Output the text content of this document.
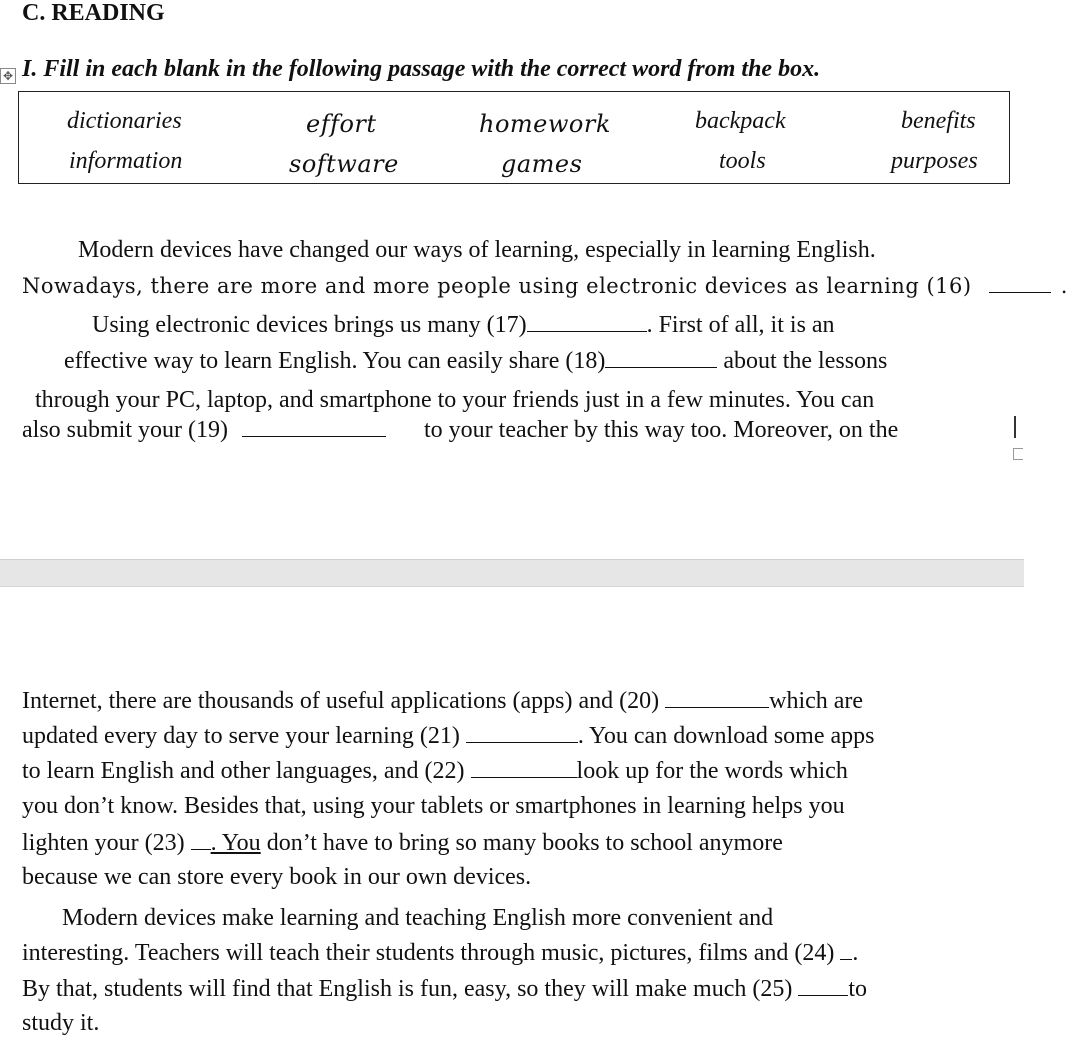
C. READING
✥ I. Fill in each blank in the following passage with the correct word from the box.
dictionaries	effort	homework	backpack	benefits
information	software	games	tools	purposes
Modern devices have changed our ways of learning, especially in learning English.
Nowadays, there are more and more people using electronic devices as learning (16)	.
Using electronic devices brings us many (17)	. First of all, it is an
effective way to learn English. You can easily share (18)	about the lessons
through your PC, laptop, and smartphone to your friends just in a few minutes. You can
also submit your (19)	to your teacher by this way too. Moreover, on the
Internet, there are thousands of useful applications (apps) and (20)	which are
updated every day to serve your learning (21)	. You can download some apps
to learn English and other languages, and (22)	look up for the words which
you don’t know. Besides that, using your tablets or smartphones in learning helps you
lighten your (23) . You don’t have to bring so many books to school anymore
because we can store every book in our own devices.
Modern devices make learning and teaching English more convenient and
interesting. Teachers will teach their students through music, pictures, films and (24) .
By that, students will find that English is fun, easy, so they will make much (25) to
study it.
